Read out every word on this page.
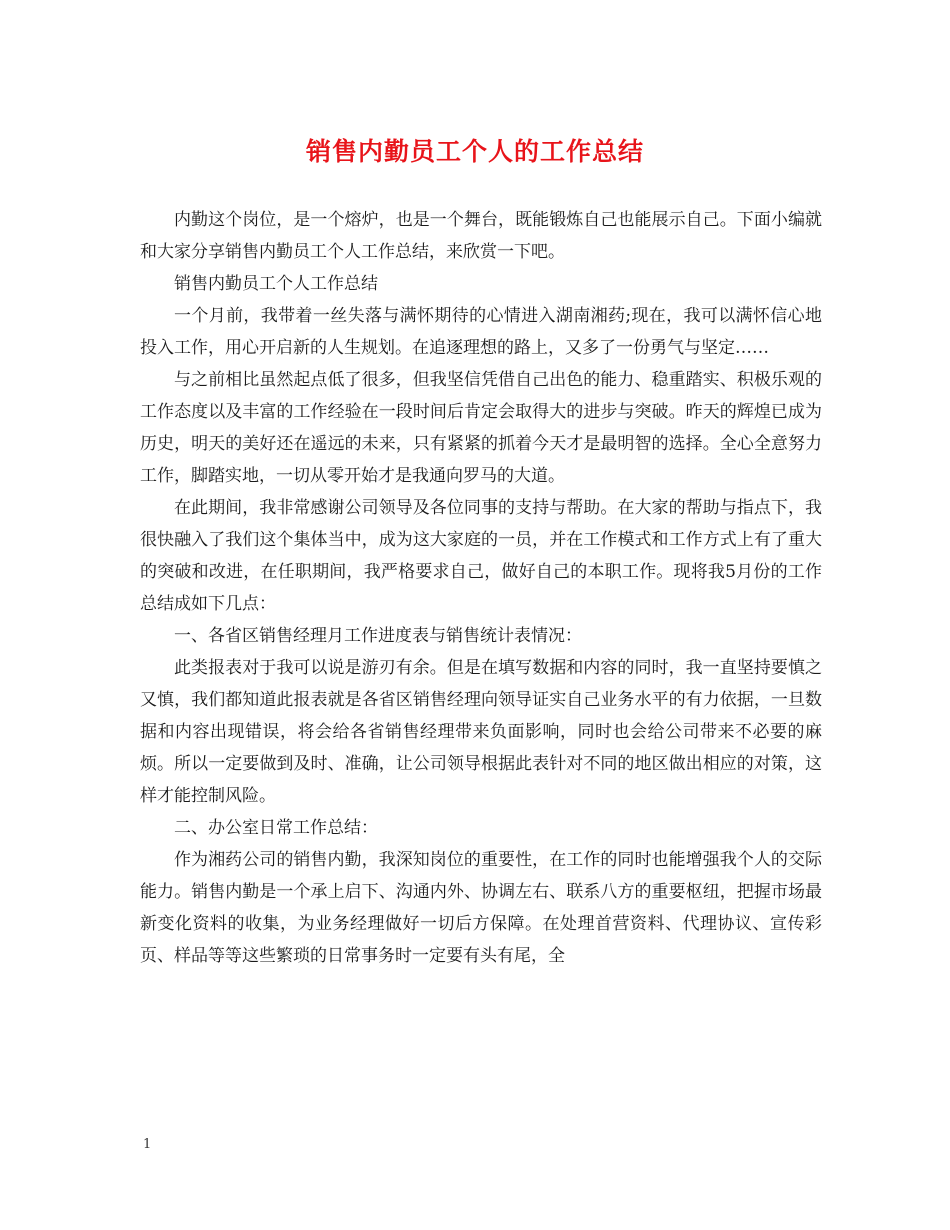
销售内勤员工个人的工作总结

内勤这个岗位，是一个熔炉，也是一个舞台，既能锻炼自己也能展示自己。下面小编就和大家分享销售内勤员工个人工作总结，来欣赏一下吧。

销售内勤员工个人工作总结

一个月前，我带着一丝失落与满怀期待的心情进入湖南湘药;现在，我可以满怀信心地投入工作，用心开启新的人生规划。在追逐理想的路上，又多了一份勇气与坚定……

与之前相比虽然起点低了很多，但我坚信凭借自己出色的能力、稳重踏实、积极乐观的工作态度以及丰富的工作经验在一段时间后肯定会取得大的进步与突破。昨天的辉煌已成为历史，明天的美好还在遥远的未来，只有紧紧的抓着今天才是最明智的选择。全心全意努力工作，脚踏实地，一切从零开始才是我通向罗马的大道。

在此期间，我非常感谢公司领导及各位同事的支持与帮助。在大家的帮助与指点下，我很快融入了我们这个集体当中，成为这大家庭的一员，并在工作模式和工作方式上有了重大的突破和改进，在任职期间，我严格要求自己，做好自己的本职工作。现将我5月份的工作总结成如下几点：

一、各省区销售经理月工作进度表与销售统计表情况：

此类报表对于我可以说是游刃有余。但是在填写数据和内容的同时，我一直坚持要慎之又慎，我们都知道此报表就是各省区销售经理向领导证实自己业务水平的有力依据，一旦数据和内容出现错误，将会给各省销售经理带来负面影响，同时也会给公司带来不必要的麻烦。所以一定要做到及时、准确，让公司领导根据此表针对不同的地区做出相应的对策，这样才能控制风险。

二、办公室日常工作总结：

作为湘药公司的销售内勤，我深知岗位的重要性，在工作的同时也能增强我个人的交际能力。销售内勤是一个承上启下、沟通内外、协调左右、联系八方的重要枢纽，把握市场最新变化资料的收集，为业务经理做好一切后方保障。在处理首营资料、代理协议、宣传彩页、样品等等这些繁琐的日常事务时一定要有头有尾，全

1
